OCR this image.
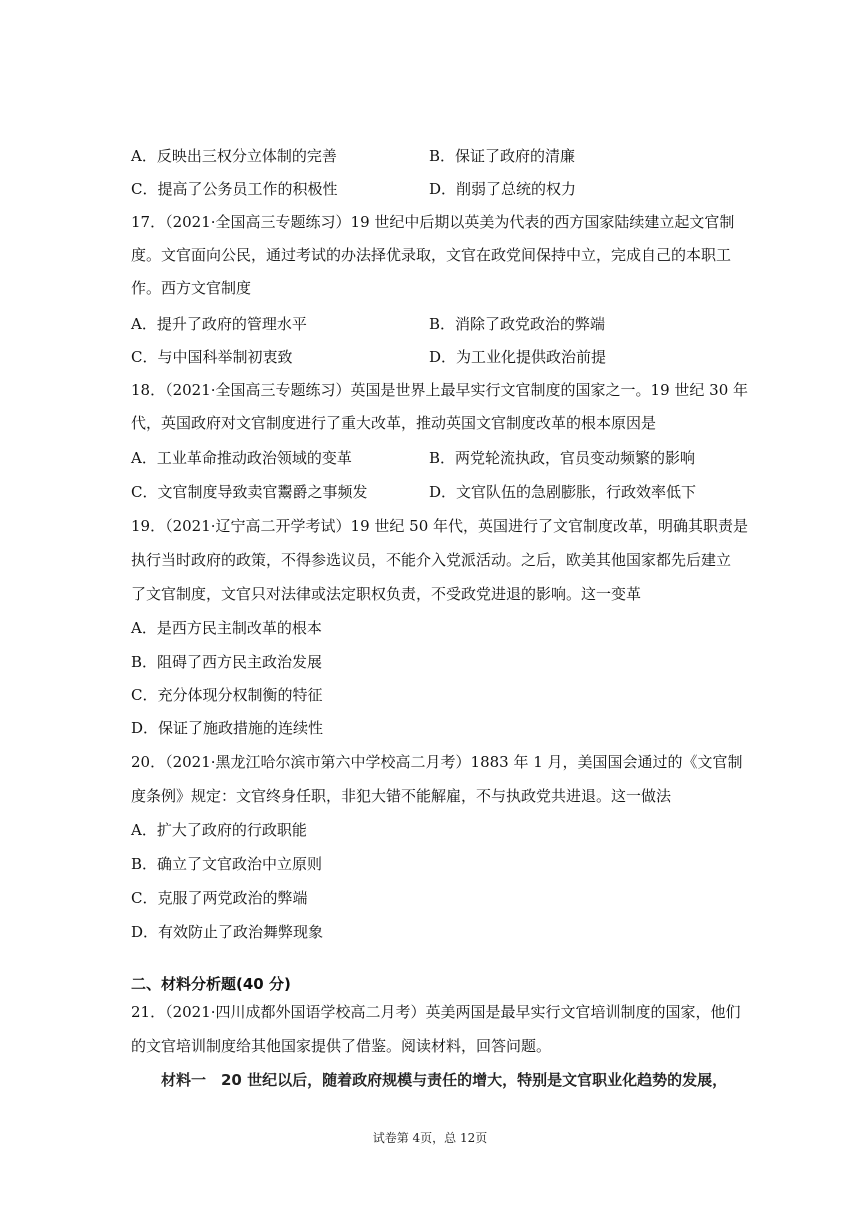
A．反映出三权分立体制的完善	B．保证了政府的清廉
C．提高了公务员工作的积极性	D．削弱了总统的权力
17．（2021·全国高三专题练习）19 世纪中后期以英美为代表的西方国家陆续建立起文官制
度。文官面向公民，通过考试的办法择优录取，文官在政党间保持中立，完成自己的本职工
作。西方文官制度
A．提升了政府的管理水平	B．消除了政党政治的弊端
C．与中国科举制初衷致	D．为工业化提供政治前提
18．（2021·全国高三专题练习）英国是世界上最早实行文官制度的国家之一。19 世纪 30 年
代，英国政府对文官制度进行了重大改革，推动英国文官制度改革的根本原因是
A．工业革命推动政治领域的变革	B．两党轮流执政，官员变动频繁的影响
C．文官制度导致卖官鬻爵之事频发	D．文官队伍的急剧膨胀，行政效率低下
19．（2021·辽宁高二开学考试）19 世纪 50 年代，英国进行了文官制度改革，明确其职责是
执行当时政府的政策，不得参选议员，不能介入党派活动。之后，欧美其他国家都先后建立
了文官制度，文官只对法律或法定职权负责，不受政党进退的影响。这一变革
A．是西方民主制改革的根本
B．阻碍了西方民主政治发展
C．充分体现分权制衡的特征
D．保证了施政措施的连续性
20．（2021·黑龙江哈尔滨市第六中学校高二月考）1883 年 1 月，美国国会通过的《文官制
度条例》规定：文官终身任职，非犯大错不能解雇，不与执政党共进退。这一做法
A．扩大了政府的行政职能
B．确立了文官政治中立原则
C．克服了两党政治的弊端
D．有效防止了政治舞弊现象
二、材料分析题(40 分)
21．（2021·四川成都外国语学校高二月考）英美两国是最早实行文官培训制度的国家，他们
的文官培训制度给其他国家提供了借鉴。阅读材料，回答问题。
材料一　20 世纪以后，随着政府规模与责任的增大，特别是文官职业化趋势的发展，
试卷第 4页，总 12页
